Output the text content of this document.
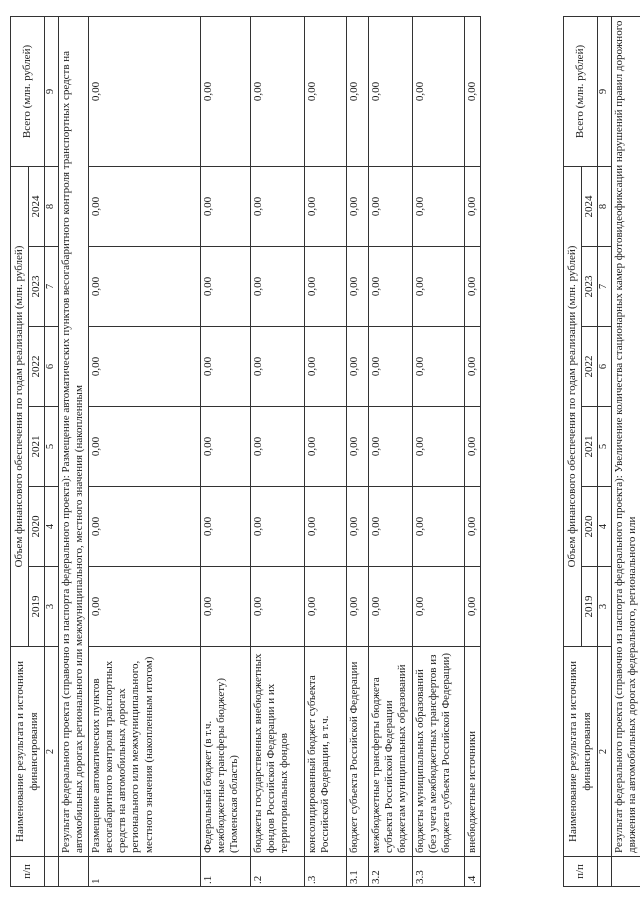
п/п	Наименование результата и источники финансирования	Объем финансового обеспечения по годам реализации (млн. рублей)						Всего (млн. рублей)
		2019	2020	2021	2022	2023	2024	
	2	3	4	5	6	7	8	9
	Результат федерального проекта (справочно из паспорта федерального проекта): Размещение автоматических пунктов весогабаритного контроля транспортных средств на автомобильных дорогах регионального или межмуниципального, местного значения (накопленным							
1	Размещение автоматических пунктов весогабаритного контроля транспортных средств на автомобильных дорогах регионального или межмуниципального, местного значения (накопленным итогом)	0,00	0,00	0,00	0,00	0,00	0,00	0,00
.1	Федеральный бюджет (в т.ч. межбюджетные трансферы бюджету) (Тюменская область)	0,00	0,00	0,00	0,00	0,00	0,00	0,00
.2	бюджеты государственных внебюджетных фондов Российской Федерации и их территориальных фондов	0,00	0,00	0,00	0,00	0,00	0,00	0,00
.3	консолидированный бюджет субъекта Российской Федерации, в т.ч.	0,00	0,00	0,00	0,00	0,00	0,00	0,00
3.1	бюджет субъекта Российской Федерации	0,00	0,00	0,00	0,00	0,00	0,00	0,00
3.2	межбюджетные трансферты бюджета субъекта Российской Федерации бюджетам муниципальных образований	0,00	0,00	0,00	0,00	0,00	0,00	0,00
3.3	бюджеты муниципальных образований (без учета межбюджетных трансфертов из бюджета субъекта Российской Федерации)	0,00	0,00	0,00	0,00	0,00	0,00	0,00
.4	внебюджетные источники	0,00	0,00	0,00	0,00	0,00	0,00	0,00
п/п	Наименование результата и источники финансирования	Объем финансового обеспечения по годам реализации (млн. рублей)						Всего (млн. рублей)
		2019	2020	2021	2022	2023	2024	
	2	3	4	5	6	7	8	9
	Результат федерального проекта (справочно из паспорта федерального проекта): Увеличение количества стационарных камер фотовидеофиксации нарушений правил дорожного движения на автомобильных дорогах федерального, регионального или							
